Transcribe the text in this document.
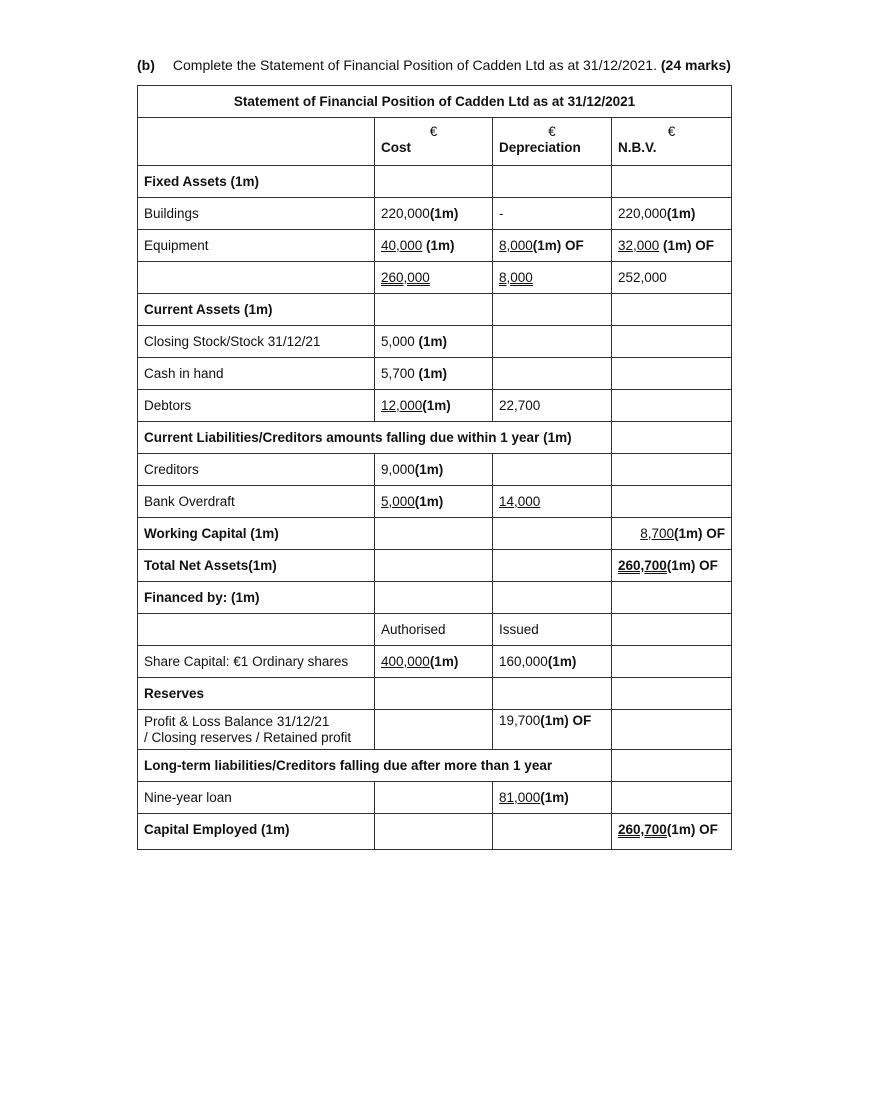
(b) Complete the Statement of Financial Position of Cadden Ltd as at 31/12/2021. (24 marks)
Statement of Financial Position of Cadden Ltd as at 31/12/2021			
	€	€	€
	Cost	Depreciation	N.B.V.
Fixed Assets (1m)			
Buildings	220,000(1m)	-	220,000(1m)
Equipment	40,000 (1m)	8,000(1m) OF	32,000 (1m) OF
	260,000	8,000	252,000
Current Assets (1m)			
Closing Stock/Stock 31/12/21	5,000 (1m)		
Cash in hand	5,700 (1m)		
Debtors	12,000(1m)	22,700	
Current Liabilities/Creditors amounts falling due within 1 year (1m)			
Creditors	9,000(1m)		
Bank Overdraft	5,000(1m)	14,000	
Working Capital (1m)			8,700(1m) OF
Total Net Assets(1m)			260,700(1m) OF
Financed by: (1m)			
	Authorised	Issued	
Share Capital: €1 Ordinary shares	400,000(1m)	160,000(1m)	
Reserves			
Profit & Loss Balance 31/12/21
/ Closing reserves / Retained profit		19,700(1m) OF	
Long-term liabilities/Creditors falling due after more than 1 year			
Nine-year loan		81,000(1m)	
Capital Employed (1m)			260,700(1m) OF
